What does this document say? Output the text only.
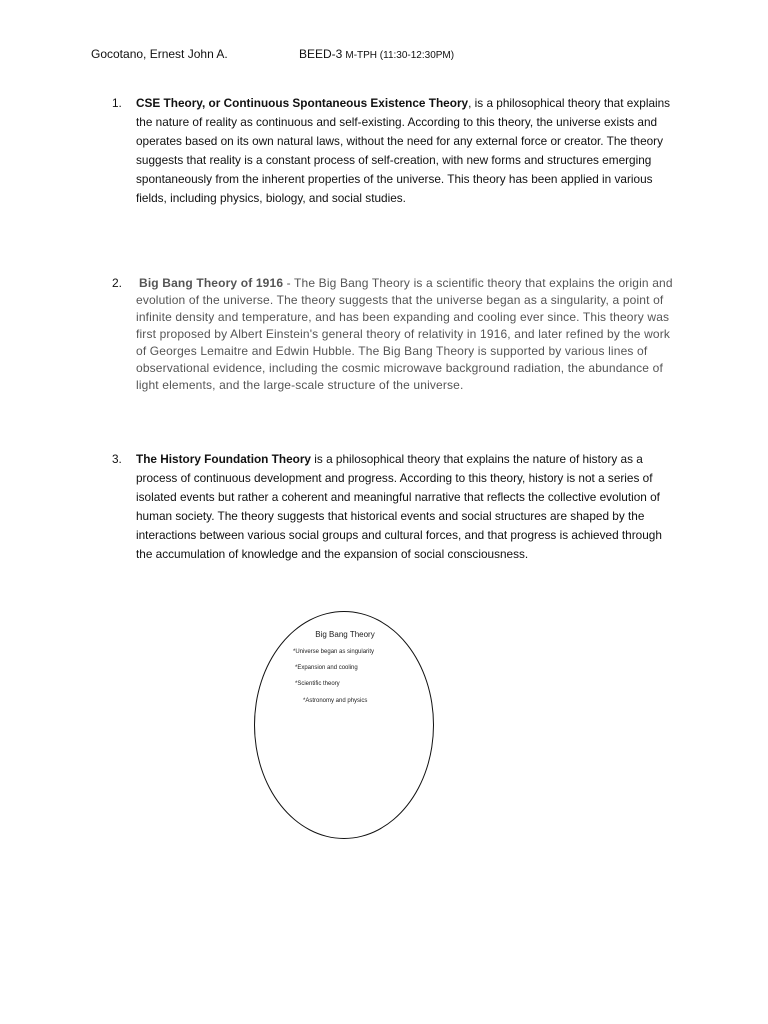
Gocotano, Ernest John A.	BEED-3 M-TPH (11:30-12:30PM)
1. CSE Theory, or Continuous Spontaneous Existence Theory, is a philosophical theory that explains the nature of reality as continuous and self-existing. According to this theory, the universe exists and operates based on its own natural laws, without the need for any external force or creator. The theory suggests that reality is a constant process of self-creation, with new forms and structures emerging spontaneously from the inherent properties of the universe. This theory has been applied in various fields, including physics, biology, and social studies.
2. Big Bang Theory of 1916 - The Big Bang Theory is a scientific theory that explains the origin and evolution of the universe. The theory suggests that the universe began as a singularity, a point of infinite density and temperature, and has been expanding and cooling ever since. This theory was first proposed by Albert Einstein's general theory of relativity in 1916, and later refined by the work of Georges Lemaitre and Edwin Hubble. The Big Bang Theory is supported by various lines of observational evidence, including the cosmic microwave background radiation, the abundance of light elements, and the large-scale structure of the universe.
3. The History Foundation Theory is a philosophical theory that explains the nature of history as a process of continuous development and progress. According to this theory, history is not a series of isolated events but rather a coherent and meaningful narrative that reflects the collective evolution of human society. The theory suggests that historical events and social structures are shaped by the interactions between various social groups and cultural forces, and that progress is achieved through the accumulation of knowledge and the expansion of social consciousness.
Big Bang Theory
*Universe began as singularity
*Expansion and cooling
*Scientific theory
*Astronomy and physics
